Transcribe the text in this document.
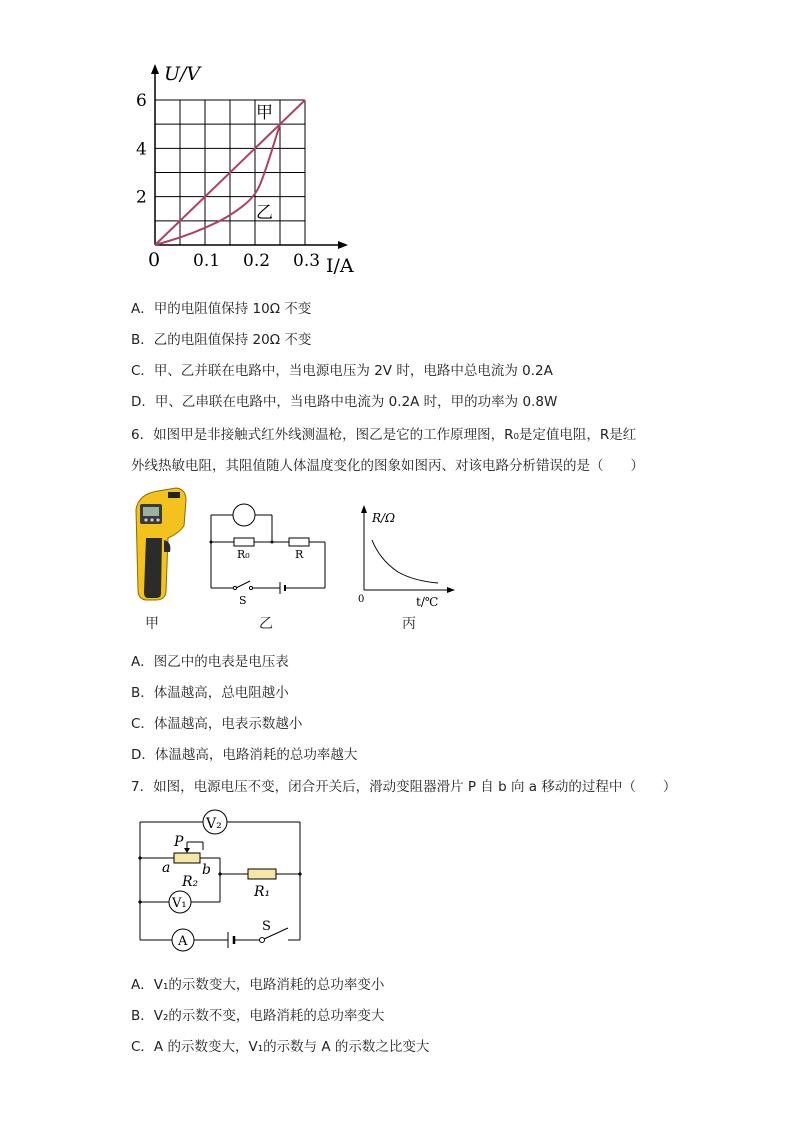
0.1 0.2 0.3
2
4
6
U/V
I/A
0
甲
乙
A．甲的电阻值保持 10Ω 不变
B．乙的电阻值保持 20Ω 不变
C．甲、乙并联在电路中，当电源电压为 2V 时，电路中总电流为 0.2A
D．甲、乙串联在电路中，当电路中电流为 0.2A 时，甲的功率为 0.8W
6．如图甲是非接触式红外线测温枪，图乙是它的工作原理图，R₀是定值电阻，R是红
外线热敏电阻，其阻值随人体温度变化的图象如图丙、对该电路分析错误的是（　　）
甲
R₀	R
S
乙
R/Ω
t/℃
0
丙
A．图乙中的电表是电压表
B．体温越高，总电阻越小
C．体温越高，电表示数越小
D．体温越高，电路消耗的总功率越大
7．如图，电源电压不变，闭合开关后，滑动变阻器滑片 P 自 b 向 a 移动的过程中（　　）
V₂
P
a b
R₂
R₁
V₁
A
S
A．V₁的示数变大，电路消耗的总功率变小
B．V₂的示数不变，电路消耗的总功率变大
C．A 的示数变大，V₁的示数与 A 的示数之比变大
